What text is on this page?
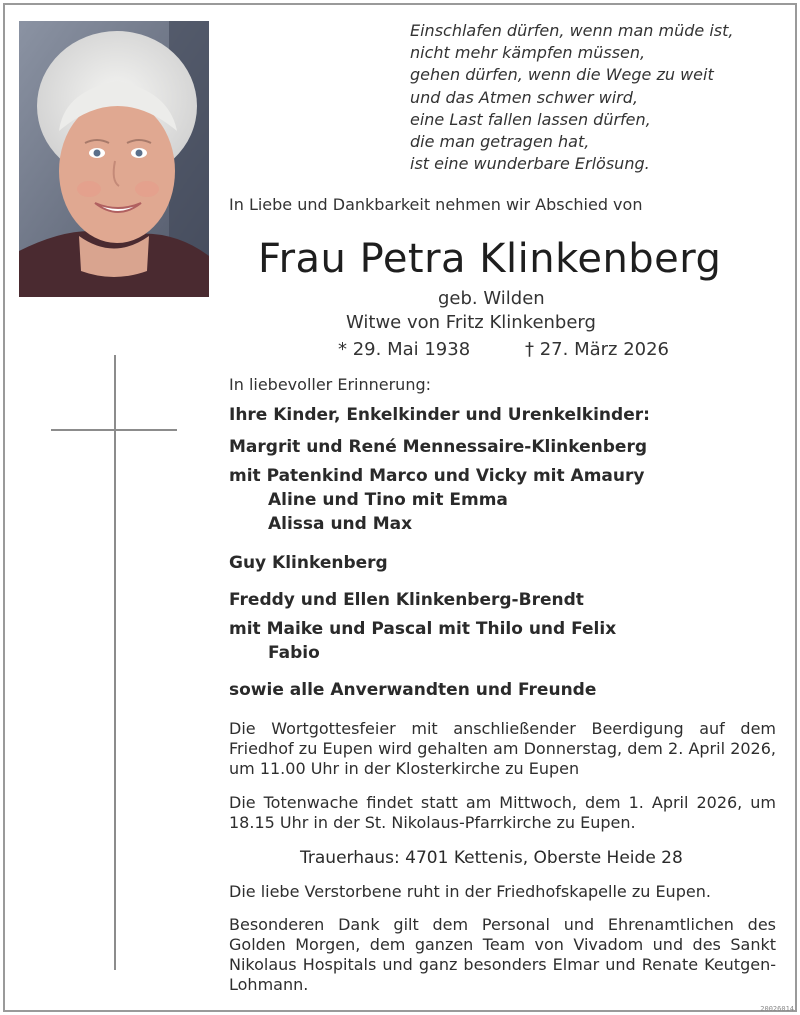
Einschlafen dürfen, wenn man müde ist,
nicht mehr kämpfen müssen,
gehen dürfen, wenn die Wege zu weit
und das Atmen schwer wird,
eine Last fallen lassen dürfen,
die man getragen hat,
ist eine wunderbare Erlösung.
In Liebe und Dankbarkeit nehmen wir Abschied von
Frau Petra Klinkenberg
geb. Wilden
Witwe von Fritz Klinkenberg
* 29. Mai 1938	† 27. März 2026
In liebevoller Erinnerung:
Ihre Kinder, Enkelkinder und Urenkelkinder:
Margrit und René Mennessaire-Klinkenberg
mit Patenkind Marco und Vicky mit Amaury
Aline und Tino mit Emma
Alissa und Max
Guy Klinkenberg
Freddy und Ellen Klinkenberg-Brendt
mit Maike und Pascal mit Thilo und Felix
Fabio
sowie alle Anverwandten und Freunde
Die Wortgottesfeier mit anschließender Beerdigung auf dem Friedhof zu Eupen wird gehalten am Donnerstag, dem 2. April 2026, um 11.00 Uhr in der Klosterkirche zu Eupen
Die Totenwache findet statt am Mittwoch, dem 1. April 2026, um 18.15 Uhr in der St. Nikolaus-Pfarrkirche zu Eupen.
Trauerhaus: 4701 Kettenis, Oberste Heide 28
Die liebe Verstorbene ruht in der Friedhofskapelle zu Eupen.
Besonderen Dank gilt dem Personal und Ehrenamtlichen des Golden Morgen, dem ganzen Team von Vivadom und des Sankt Nikolaus Hospitals und ganz besonders Elmar und Renate Keutgen-Lohmann.
20026014
